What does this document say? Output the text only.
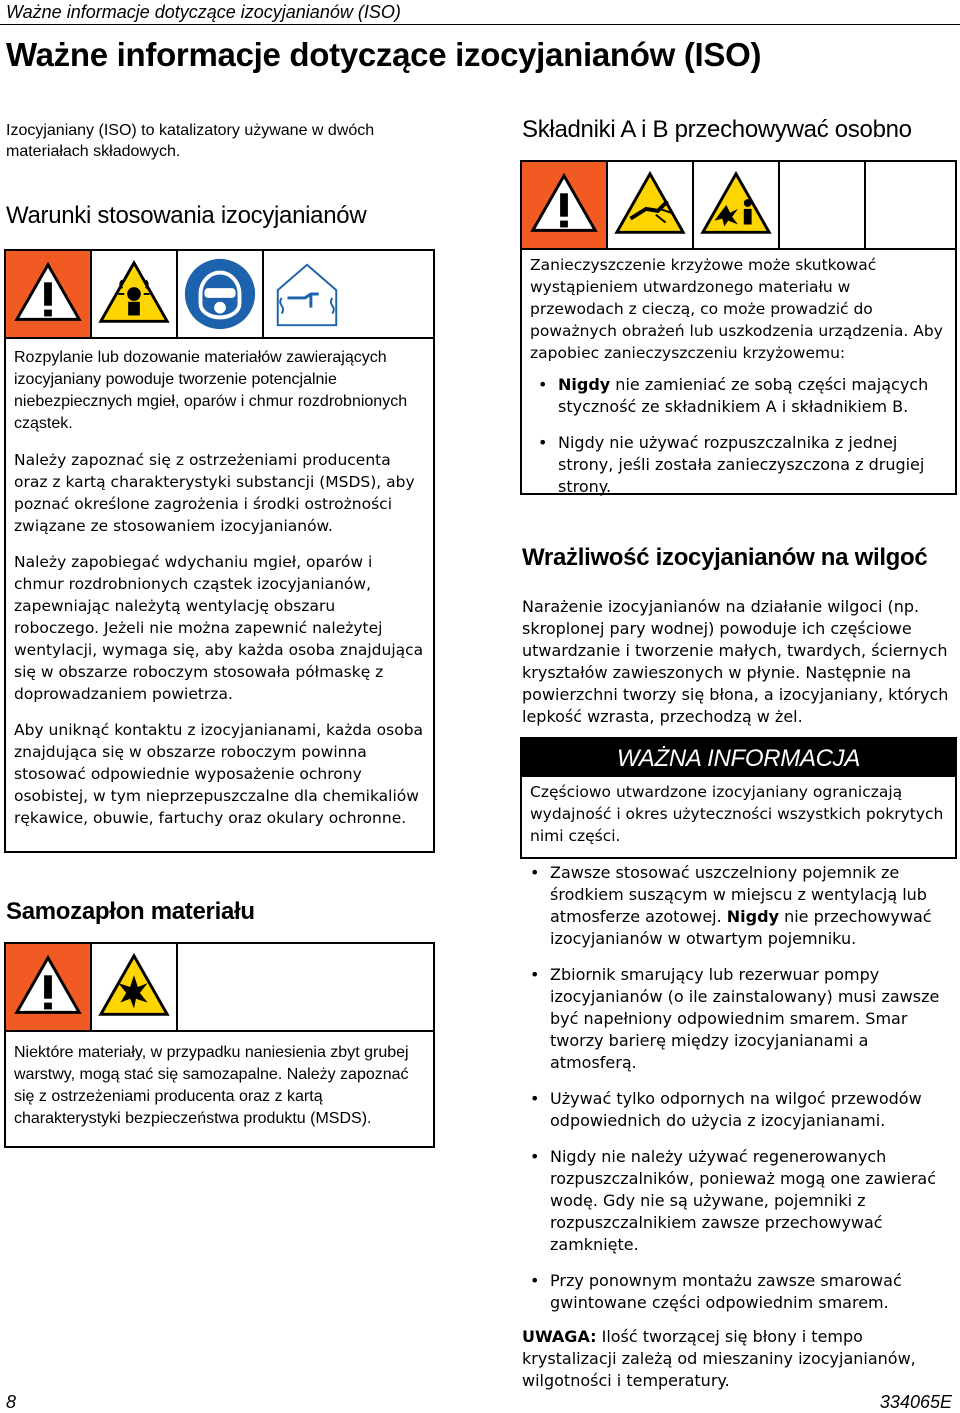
Ważne informacje dotyczące izocyjanianów (ISO)
Ważne informacje dotyczące izocyjanianów (ISO)
Izocyjaniany (ISO) to katalizatory używane w dwóch materiałach składowych.
Warunki stosowania izocyjanianów

Rozpylanie lub dozowanie materiałów zawierających izocyjaniany powoduje tworzenie potencjalnie niebezpiecznych mgieł, oparów i chmur rozdrobnionych cząstek.

Należy zapoznać się z ostrzeżeniami producenta oraz z kartą charakterystyki substancji (MSDS), aby poznać określone zagrożenia i środki ostrożności związane ze stosowaniem izocyjanianów.

Należy zapobiegać wdychaniu mgieł, oparów i chmur rozdrobnionych cząstek izocyjanianów, zapewniając należytą wentylację obszaru roboczego. Jeżeli nie można zapewnić należytej wentylacji, wymaga się, aby każda osoba znajdująca się w obszarze roboczym stosowała półmaskę z doprowadzaniem powietrza.

Aby uniknąć kontaktu z izocyjanianami, każda osoba znajdująca się w obszarze roboczym powinna stosować odpowiednie wyposażenie ochrony osobistej, w tym nieprzepuszczalne dla chemikaliów rękawice, obuwie, fartuchy oraz okulary ochronne.

Samozapłon materiału
Niektóre materiały, w przypadku naniesienia zbyt grubej warstwy, mogą stać się samozapalne. Należy zapoznać się z ostrzeżeniami producenta oraz z kartą charakterystyki bezpieczeństwa produktu (MSDS).
Składniki A i B przechowywać osobno

Zanieczyszczenie krzyżowe może skutkować wystąpieniem utwardzonego materiału w przewodach z cieczą, co może prowadzić do poważnych obrażeń lub uszkodzenia urządzenia. Aby zapobiec zanieczyszczeniu krzyżowemu:

• Nigdy nie zamieniać ze sobą części mających styczność ze składnikiem A i składnikiem B.
• Nigdy nie używać rozpuszczalnika z jednej strony, jeśli została zanieczyszczona z drugiej strony.
Wrażliwość izocyjanianów na wilgoć
Narażenie izocyjanianów na działanie wilgoci (np. skroplonej pary wodnej) powoduje ich częściowe utwardzanie i tworzenie małych, twardych, ściernych kryształów zawieszonych w płynie. Następnie na powierzchni tworzy się błona, a izocyjaniany, których lepkość wzrasta, przechodzą w żel.
WAŻNA INFORMACJA
Częściowo utwardzone izocyjaniany ograniczają wydajność i okres użyteczności wszystkich pokrytych nimi części.
• Zawsze stosować uszczelniony pojemnik ze środkiem suszącym w miejscu z wentylacją lub atmosferze azotowej. Nigdy nie przechowywać izocyjanianów w otwartym pojemniku.
• Zbiornik smarujący lub rezerwuar pompy izocyjanianów (o ile zainstalowany) musi zawsze być napełniony odpowiednim smarem. Smar tworzy barierę między izocyjanianami a atmosferą.
• Używać tylko odpornych na wilgoć przewodów odpowiednich do użycia z izocyjanianami.
• Nigdy nie należy używać regenerowanych rozpuszczalników, ponieważ mogą one zawierać wodę. Gdy nie są używane, pojemniki z rozpuszczalnikiem zawsze przechowywać zamknięte.
• Przy ponownym montażu zawsze smarować gwintowane części odpowiednim smarem.
UWAGA: Ilość tworzącej się błony i tempo krystalizacji zależą od mieszaniny izocyjanianów, wilgotności i temperatury.
8	334065E
